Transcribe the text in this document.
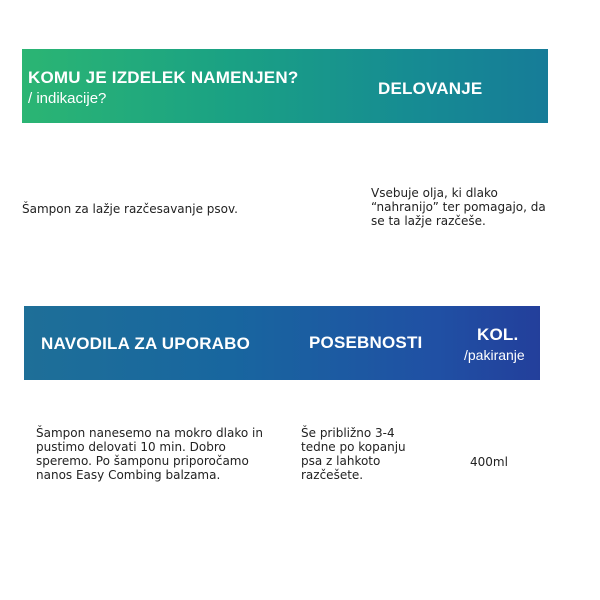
KOMU JE IZDELEK NAMENJEN?
/ indikacije?
DELOVANJE
Šampon za lažje razčesavanje psov.
Vsebuje olja, ki dlako “nahranijo” ter pomagajo, da se ta lažje razčeše.
NAVODILA ZA UPORABO	POSEBNOSTI	KOL.
/pakiranje
Šampon nanesemo na mokro dlako in pustimo delovati 10 min. Dobro speremo. Po šamponu priporočamo nanos Easy Combing balzama.
Še približno 3-4 tedne po kopanju psa z lahkoto razčešete.
400ml
